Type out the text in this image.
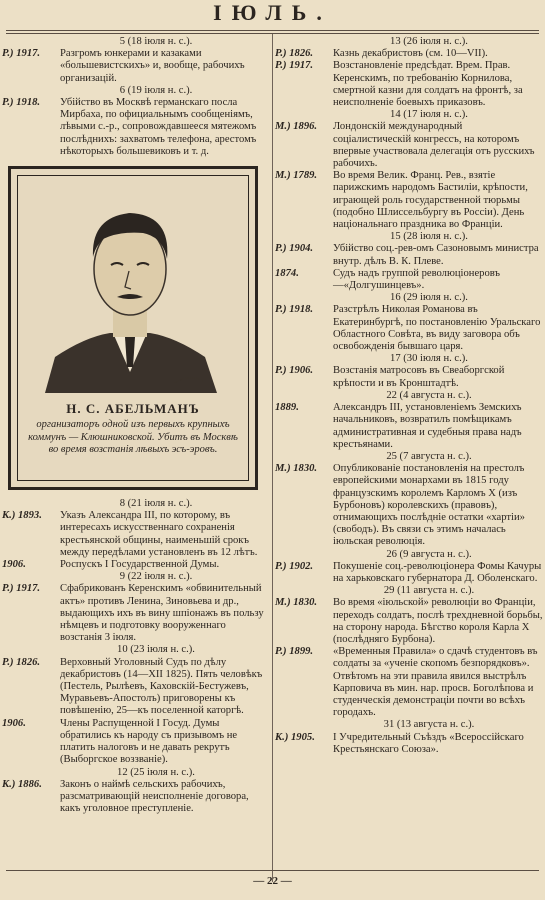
ІЮЛЬ.
5 (18 іюля н. с.).
Р.) 1917.	Разгромъ юнкерами и казаками «большевистскихъ» и, вообще, рабочихъ организацій.
6 (19 іюля н. с.).
Р.) 1918.	Убійство въ Москвѣ германскаго посла Мирбаха, по официальнымъ сообщеніямъ, лѣвыми с.-р., сопровождавшееся мятежомъ послѣднихъ: захватомъ телефона, арестомъ нѣкоторыхъ большевиковъ и т. д.
Н. С. АБЕЛЬМАНЪ
организаторъ одной изъ первыхъ крупныхъ коммунъ — Клюшниковской. Убитъ въ Москвѣ во время возстанія лѣвыхъ эсъ-эровъ.
8 (21 іюля н. с.).
К.) 1893.	Указъ Александра III, по которому, въ интересахъ искусственнаго сохраненія крестьянской общины, наименьшій срокъ между передѣлами установленъ въ 12 лѣтъ.
1906.	Роспускъ I Государственной Думы.
9 (22 іюля н. с.).
Р.) 1917.	Сфабрикованъ Керенскимъ «обвинительный актъ» противъ Ленина, Зиновьева и др., выдающихъ ихъ въ вину шпіонажъ въ пользу нѣмцевъ и подготовку вооруженнаго возстанія 3 іюля.
10 (23 іюля н. с.).
Р.) 1826.	Верховный Уголовный Судъ по дѣлу декабристовъ (14—XII 1825). Пять человѣкъ (Пестель, Рылѣевъ, Каховскій-Бестужевъ, Муравьевъ-Апостолъ) приговорены къ повѣшенію, 25—къ поселенной каторгѣ.
1906.	Члены Распущенной I Госуд. Думы обратились къ народу съ призывомъ не платить налоговъ и не давать рекрутъ (Выборгское воззваніе).
12 (25 іюля н. с.).
К.) 1886.	Законъ о наймѣ сельскихъ рабочихъ, разсматривающій неисполненіе договора, какъ уголовное преступленіе.
13 (26 іюля н. с.).
Р.) 1826.	Казнь декабристовъ (см. 10—VII).
Р.) 1917.	Возстановленіе предсѣдат. Врем. Прав. Керенскимъ, по требованію Корнилова, смертной казни для солдатъ на фронтѣ, за неисполненіе боевыхъ приказовъ.
14 (17 іюля н. с.).
М.) 1896.	Лондонскій международный соціалистическій конгрессъ, на которомъ впервые участвовала делегація отъ русскихъ рабочихъ.
М.) 1789.	Во время Велик. Франц. Рев., взятіе парижскимъ народомъ Бастиліи, крѣпости, играющей роль государственной тюрьмы (подобно Шлиссельбургу въ Россіи). День національнаго праздника во Франціи.
15 (28 іюля н. с.).
Р.) 1904.	Убійство соц.-рев-омъ Сазоновымъ министра внутр. дѣлъ В. К. Плеве.
1874.	Судъ надъ группой революціонеровъ—«Долгушинцевъ».
16 (29 іюля н. с.).
Р.) 1918.	Разстрѣлъ Николая Романова въ Екатеринбургѣ, по постановленію Уральскаго Областного Совѣта, въ виду заговора объ освобожденія бывшаго царя.
17 (30 іюля н. с.).
Р.) 1906.	Возстанія матросовъ въ Свеаборгской крѣпости и въ Кронштадтѣ.
22 (4 августа н. с.).
1889.	Александръ III, установленіемъ Земскихъ начальниковъ, возвратилъ помѣщикамъ административная и судебныя права надъ крестьянами.
25 (7 августа н. с.).
М.) 1830.	Опубликованіе постановленія на престолъ европейскими монархами въ 1815 году французскимъ королемъ Карломъ X (изъ Бурбоновъ) королевскихъ (правовъ), отнимающихъ послѣдніе остатки «хартіи» (свободъ). Въ связи съ этимъ началась іюльская революція.
26 (9 августа н. с.).
Р.) 1902.	Покушеніе соц.-революціонера Фомы Качуры на харьковскаго губернатора Д. Оболенскаго.
29 (11 августа н. с.).
М.) 1830.	Во время «іюльской» революціи во Франціи, переходъ солдатъ, послѣ трехдневной борьбы, на сторону народа. Бѣгство короля Карла X (послѣдняго Бурбона).
Р.) 1899.	«Временныя Правила» о сдачѣ студентовъ въ солдаты за «ученіе скопомъ безпорядковъ». Отвѣтомъ на эти правила явился выстрѣлъ Карповича въ мин. нар. просв. Боголѣпова и студенческія демонстраціи почти во всѣхъ городахъ.
31 (13 августа н. с.).
К.) 1905.	I Учредительный Съѣздъ «Всероссійскаго Крестьянскаго Союза».
— 22 —
